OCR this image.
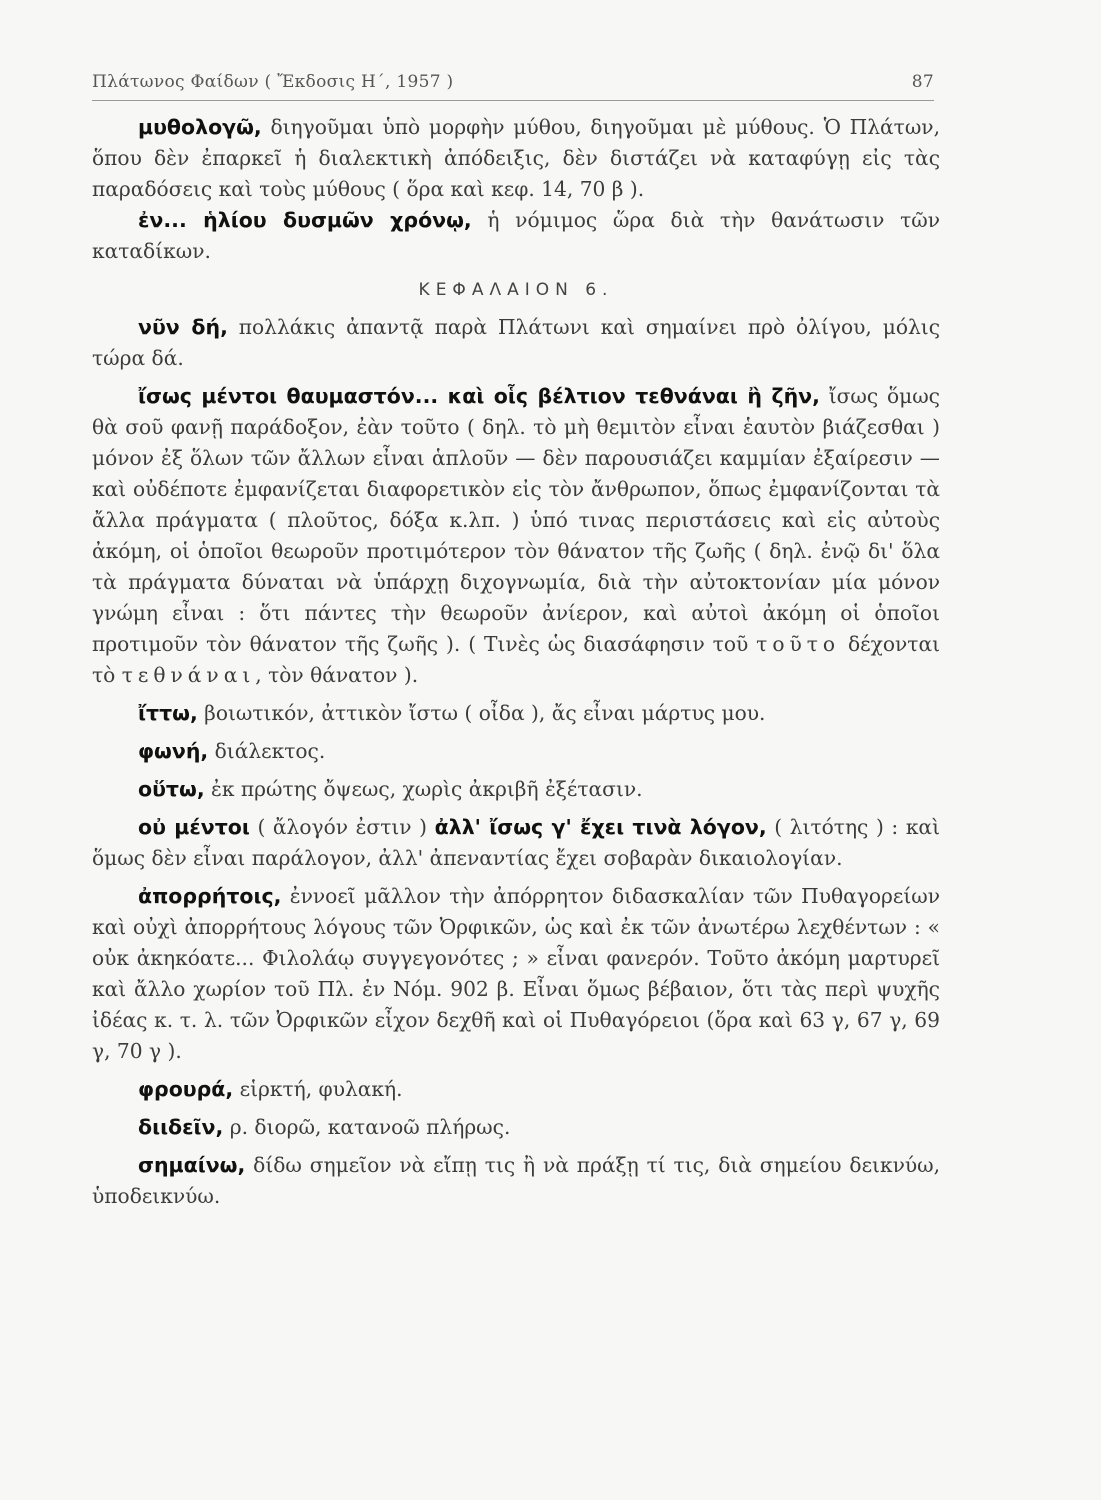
Πλάτωνος Φαίδων ( Ἔκδοσις Η΄, 1957 )	87

μυθολογῶ, διηγοῦμαι ὑπὸ μορφὴν μύθου, διηγοῦμαι μὲ μύθους. Ὁ Πλάτων, ὅπου δὲν ἐπαρκεῖ ἡ διαλεκτικὴ ἀπόδειξις, δὲν διστάζει νὰ καταφύγῃ εἰς τὰς παραδόσεις καὶ τοὺς μύθους ( ὅρα καὶ κεφ. 14, 70 β ).

ἐν... ἡλίου δυσμῶν χρόνῳ, ἡ νόμιμος ὥρα διὰ τὴν θανάτωσιν τῶν καταδίκων.

ΚΕΦΑΛΑΙΟΝ 6.

νῦν δή, πολλάκις ἀπαντᾷ παρὰ Πλάτωνι καὶ σημαίνει πρὸ ὀλίγου, μόλις τώρα δά.

ἴσως μέντοι θαυμαστόν... καὶ οἷς βέλτιον τεθνάναι ἢ ζῆν, ἴσως ὅμως θὰ σοῦ φανῇ παράδοξον, ἐὰν τοῦτο ( δηλ. τὸ μὴ θεμιτὸν εἶναι ἑαυτὸν βιάζεσθαι ) μόνον ἐξ ὅλων τῶν ἄλλων εἶναι ἁπλοῦν — δὲν παρουσιάζει καμμίαν ἐξαίρεσιν — καὶ οὐδέποτε ἐμφανίζεται διαφορετικὸν εἰς τὸν ἄνθρωπον, ὅπως ἐμφανίζονται τὰ ἄλλα πράγματα ( πλοῦτος, δόξα κ.λπ. ) ὑπό τινας περιστάσεις καὶ εἰς αὐτοὺς ἀκόμη, οἱ ὁποῖοι θεωροῦν προτιμότερον τὸν θάνατον τῆς ζωῆς ( δηλ. ἐνῷ δι' ὅλα τὰ πράγματα δύναται νὰ ὑπάρχῃ διχογνωμία, διὰ τὴν αὐτοκτονίαν μία μόνον γνώμη εἶναι : ὅτι πάντες τὴν θεωροῦν ἀνίερον, καὶ αὐτοὶ ἀκόμη οἱ ὁποῖοι προτιμοῦν τὸν θάνατον τῆς ζωῆς ). ( Τινὲς ὡς διασάφησιν τοῦ τοῦτο δέχονται τὸ τεθνάναι, τὸν θάνατον ).

ἴττω, βοιωτικόν, ἀττικὸν ἴστω ( οἶδα ), ἄς εἶναι μάρτυς μου.

φωνή, διάλεκτος.

οὕτω, ἐκ πρώτης ὄψεως, χωρὶς ἀκριβῆ ἐξέτασιν.

οὐ μέντοι ( ἄλογόν ἐστιν ) ἀλλ' ἴσως γ' ἔχει τινὰ λόγον, ( λιτότης ) : καὶ ὅμως δὲν εἶναι παράλογον, ἀλλ' ἀπεναντίας ἔχει σοβαρὰν δικαιολογίαν.

ἀπορρήτοις, ἐννοεῖ μᾶλλον τὴν ἀπόρρητον διδασκαλίαν τῶν Πυθαγορείων καὶ οὐχὶ ἀπορρήτους λόγους τῶν Ὀρφικῶν, ὡς καὶ ἐκ τῶν ἀνωτέρω λεχθέντων : « οὐκ ἀκηκόατε... Φιλολάῳ συγγεγονότες ; » εἶναι φανερόν. Τοῦτο ἀκόμη μαρτυρεῖ καὶ ἄλλο χωρίον τοῦ Πλ. ἐν Νόμ. 902 β. Εἶναι ὅμως βέβαιον, ὅτι τὰς περὶ ψυχῆς ἰδέας κ. τ. λ. τῶν Ὀρφικῶν εἶχον δεχθῆ καὶ οἱ Πυθαγόρειοι (ὅρα καὶ 63 γ, 67 γ, 69 γ, 70 γ ).

φρουρά, εἱρκτή, φυλακή.

διιδεῖν, ρ. διορῶ, κατανοῶ πλήρως.

σημαίνω, δίδω σημεῖον νὰ εἴπῃ τις ἢ νὰ πράξῃ τί τις, διὰ σημείου δεικνύω, ὑποδεικνύω.
